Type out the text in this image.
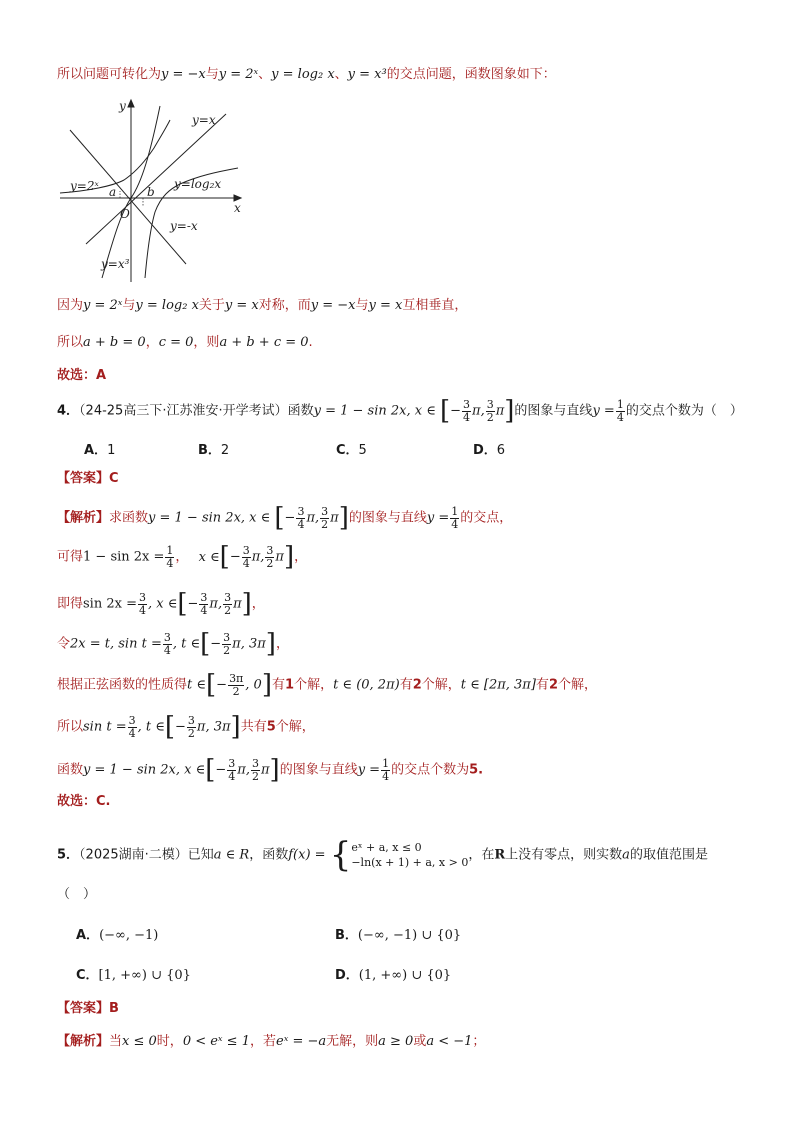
所以问题可转化为y = −x与y = 2ˣ、y = log₂ x、y = x³的交点问题，函数图象如下：
y
x
O
a	b
y=x
y=2ˣ	y=log₂x
y=-x
y=x³
因为y = 2ˣ与y = log₂ x关于y = x对称，而y = −x与y = x互相垂直，
所以a + b = 0，c = 0，则a + b + c = 0.
故选：A
4．（24-25高三下·江苏淮安·开学考试）函数y = 1 − sin 2x, x ∈ [− $\frac{3}{4} \pi$, $\frac{3}{2} \pi$]的图象与直线$y = \frac{1}{4}$ 的交点个数为（　）
A．1	B．2	C．5	D．6
【答案】C
【解析】求函数y = 1 − sin 2x, x ∈ [− $\frac{3}{4} \pi$, $\frac{3}{2} \pi$]的图象与直线$y = \frac{1}{4}$ 的交点，
可得$1 - \sin 2x = \frac{1}{4}$ ， x ∈[− $\frac{3}{4} \pi$, $\frac{3}{2} \pi$]，
即得$\sin 2x = \frac{3}{4}$ , x ∈[− $\frac{3}{4} \pi$, $\frac{3}{2} \pi$]，
令2x = t, $\sin t = \frac{3}{4}$ , t ∈[− $\frac{3}{2} \pi$, 3π]，
根据正弦函数的性质得t ∈[− $\frac{3\pi}{2}$ , 0]有1个解，t ∈ (0, 2π)有2个解，t ∈ [2π, 3π]有2个解，
所以$\sin t = \frac{3}{4}$ , t ∈[− $\frac{3}{2} \pi$, 3π]共有5个解，
函数y = 1 − sin 2x, x ∈[− $\frac{3}{4} \pi$, $\frac{3}{2} \pi$]的图象与直线$y = \frac{1}{4}$ 的交点个数为5.
故选：C.
5．（2025湖南·二模）已知a ∈ R，函数f(x) = { eˣ + a, x ≤ 0
−ln(x + 1) + a, x > 0 ，在R上没有零点，则实数a的取值范围是
（　）
A．(−∞, −1)	B．(−∞, −1) ∪ {0}
C．[1, +∞) ∪ {0}	D．(1, +∞) ∪ {0}
【答案】B
【解析】当x ≤ 0时，0 < eˣ ≤ 1，若eˣ = −a无解，则a ≥ 0或a < −1；
